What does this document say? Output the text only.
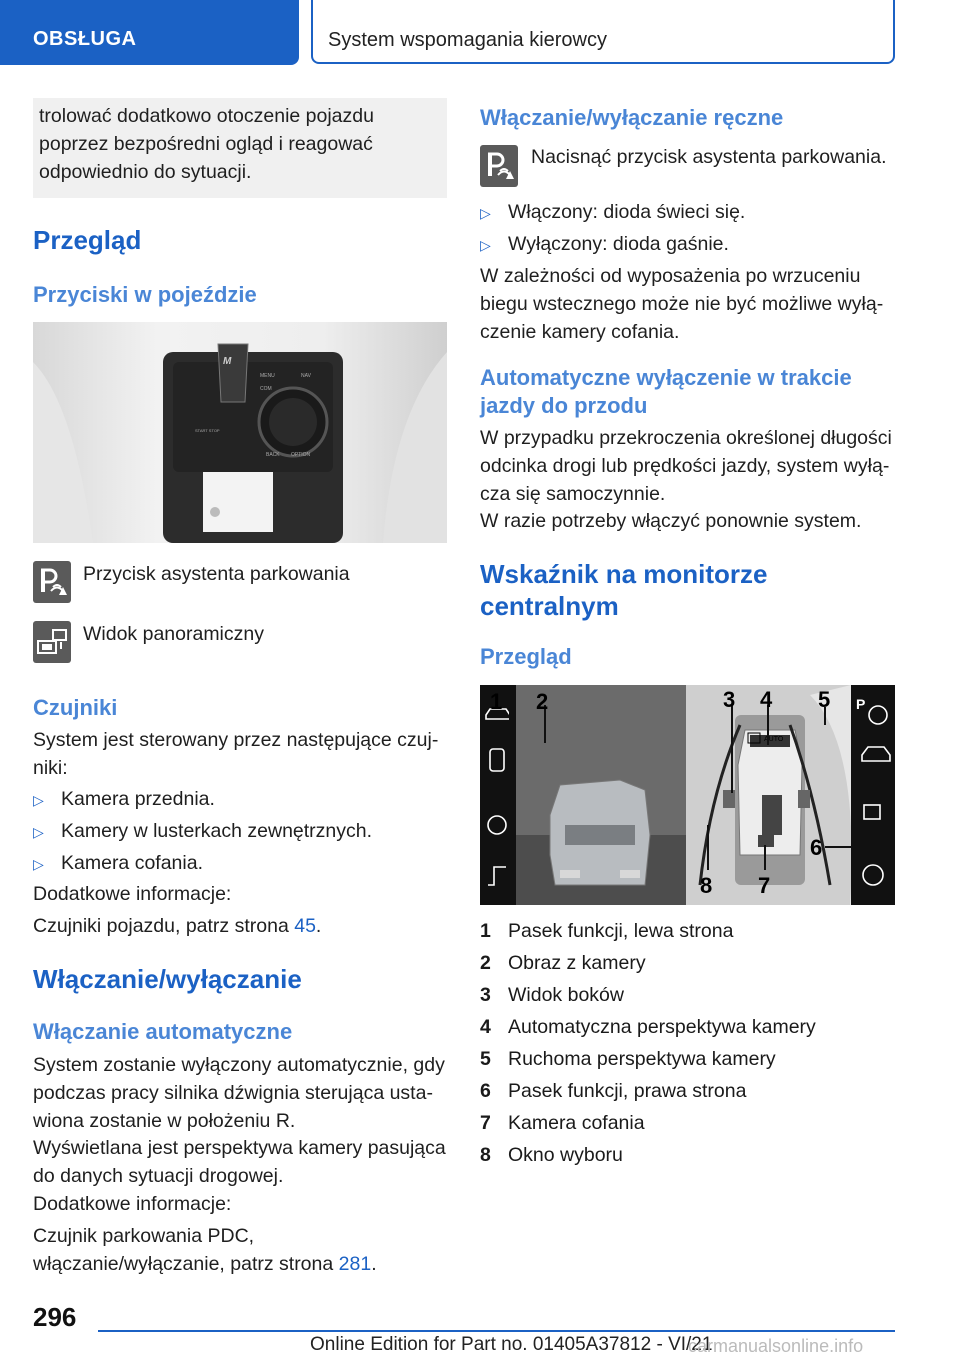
OBSŁUGA	System wspomagania kierowcy
trolować dodatkowo otoczenie pojazdu poprzez bezpośredni ogląd i reagować odpowiednio do sytuacji.
Przegląd
Przyciski w pojeździe
M
MENU
COM
NAV
BACK OPTION
START STOP
Przycisk asystenta parkowania
Widok panoramiczny
Czujniki
System jest sterowany przez następujące czujniki:
▷ Kamera przednia.
▷ Kamery w lusterkach zewnętrznych.
▷ Kamera cofania.
Dodatkowe informacje:
Czujniki pojazdu, patrz strona 45.
Włączanie/wyłączanie
Włączanie automatyczne
System zostanie wyłączony automatycznie, gdy podczas pracy silnika dźwignia sterująca ustawiona zostanie w położeniu R.
Wyświetlana jest perspektywa kamery pasująca do danych sytuacji drogowej.
Dodatkowe informacje:
Czujnik parkowania PDC, włączanie/wyłączanie, patrz strona 281.
Włączanie/wyłączanie ręczne
Nacisnąć przycisk asystenta parkowania.
▷ Włączony: dioda świeci się.
▷ Wyłączony: dioda gaśnie.
W zależności od wyposażenia po wrzuceniu biegu wstecznego może nie być możliwe wyłączenie kamery cofania.
Automatyczne wyłączenie w trakcie jazdy do przodu
W przypadku przekroczenia określonej długości odcinka drogi lub prędkości jazdy, system wyłącza się samoczynnie.
W razie potrzeby włączyć ponownie system.
Wskaźnik na monitorze centralnym
Przegląd
AUTO
P
1 2	3 4 5
6
7
8
1 Pasek funkcji, lewa strona
2 Obraz z kamery
3 Widok boków
4 Automatyczna perspektywa kamery
5 Ruchoma perspektywa kamery
6 Pasek funkcji, prawa strona
7 Kamera cofania
8 Okno wyboru
296
Online Edition for Part no. 01405A37812 - VI/21
carmanualsonline.info
